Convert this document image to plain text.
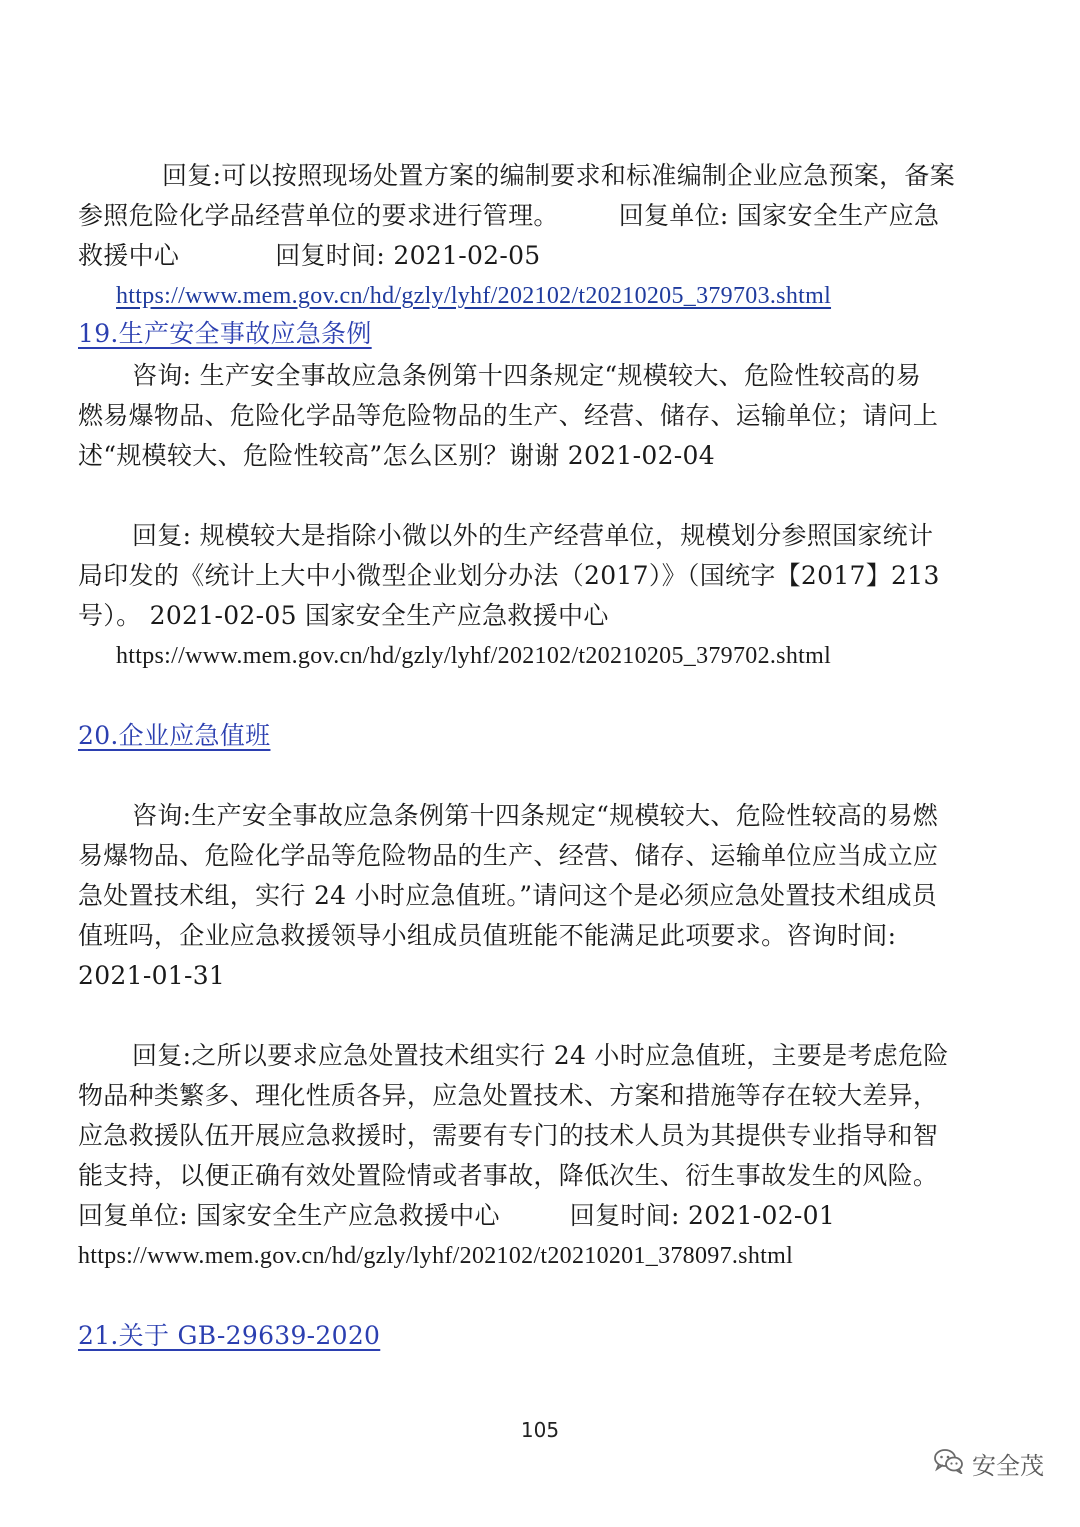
回复:可以按照现场处置方案的编制要求和标准编制企业应急预案，备案
参照危险化学品经营单位的要求进行管理。 回复单位: 国家安全生产应急
救援中心	回复时间: 2021-02-05
https://www.mem.gov.cn/hd/gzly/lyhf/202102/t20210205_379703.shtml
19.生产安全事故应急条例
咨询: 生产安全事故应急条例第十四条规定“规模较大、危险性较高的易
燃易爆物品、危险化学品等危险物品的生产、经营、储存、运输单位；请问上
述“规模较大、危险性较高”怎么区别？谢谢 2021-02-04
回复: 规模较大是指除小微以外的生产经营单位，规模划分参照国家统计
局印发的《统计上大中小微型企业划分办法（2017）》（国统字【2017】213
号）。 2021-02-05 国家安全生产应急救援中心
https://www.mem.gov.cn/hd/gzly/lyhf/202102/t20210205_379702.shtml
20.企业应急值班
咨询:生产安全事故应急条例第十四条规定“规模较大、危险性较高的易燃
易爆物品、危险化学品等危险物品的生产、经营、储存、运输单位应当成立应
急处置技术组，实行 24 小时应急值班。”请问这个是必须应急处置技术组成员
值班吗，企业应急救援领导小组成员值班能不能满足此项要求。咨询时间:
2021-01-31
回复:之所以要求应急处置技术组实行 24 小时应急值班，主要是考虑危险
物品种类繁多、理化性质各异，应急处置技术、方案和措施等存在较大差异，
应急救援队伍开展应急救援时，需要有专门的技术人员为其提供专业指导和智
能支持，以便正确有效处置险情或者事故，降低次生、衍生事故发生的风险。
回复单位: 国家安全生产应急救援中心	回复时间: 2021-02-01
https://www.mem.gov.cn/hd/gzly/lyhf/202102/t20210201_378097.shtml
21.关于 GB-29639-2020
105
安全茂
